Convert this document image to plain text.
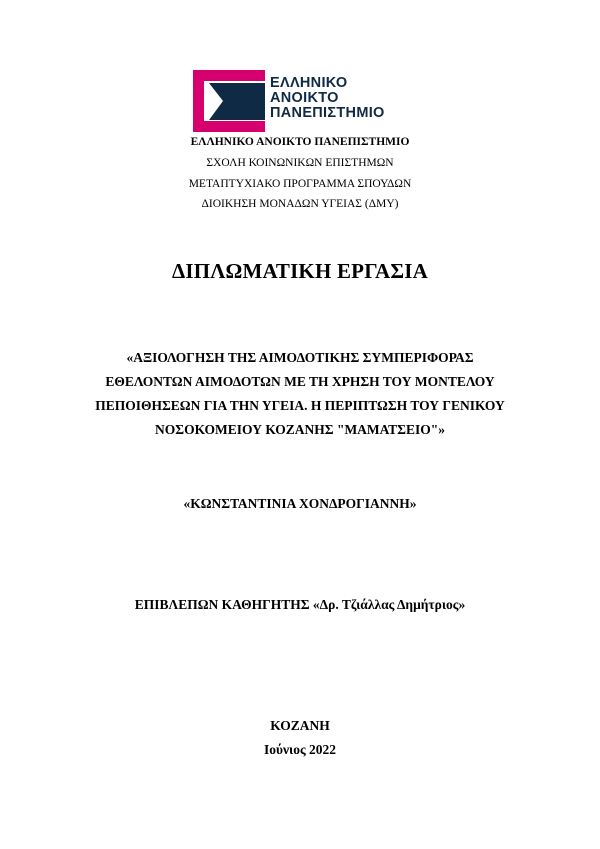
ΕΛΛΗΝΙΚΟ
ΑΝΟΙΚΤΟ
ΠΑΝΕΠΙΣΤΗΜΙΟ
ΕΛΛΗΝΙΚΟ ΑΝΟΙΚΤΟ ΠΑΝΕΠΙΣΤΗΜΙΟ
ΣΧΟΛΗ ΚΟΙΝΩΝΙΚΩΝ ΕΠΙΣΤΗΜΩΝ
ΜΕΤΑΠΤΥΧΙΑΚΟ ΠΡΟΓΡΑΜΜΑ ΣΠΟΥΔΩΝ
ΔΙΟΙΚΗΣΗ ΜΟΝΑΔΩΝ ΥΓΕΙΑΣ (ΔΜΥ)
ΔΙΠΛΩΜΑΤΙΚΗ ΕΡΓΑΣΙΑ
«ΑΞΙΟΛΟΓΗΣΗ ΤΗΣ ΑΙΜΟΔΟΤΙΚΗΣ ΣΥΜΠΕΡΙΦΟΡΑΣ
ΕΘΕΛΟΝΤΩΝ ΑΙΜΟΔΟΤΩΝ ΜΕ ΤΗ ΧΡΗΣΗ ΤΟΥ ΜΟΝΤΕΛΟΥ
ΠΕΠΟΙΘΗΣΕΩΝ ΓΙΑ ΤΗΝ ΥΓΕΙΑ. Η ΠΕΡΙΠΤΩΣΗ ΤΟΥ ΓΕΝΙΚΟΥ
ΝΟΣΟΚΟΜΕΙΟΥ ΚΟΖΑΝΗΣ "ΜΑΜΑΤΣΕΙΟ"»
«ΚΩΝΣΤΑΝΤΙΝΙΑ ΧΟΝΔΡΟΓΙΑΝΝΗ»
ΕΠΙΒΛΕΠΩΝ ΚΑΘΗΓΗΤΗΣ «Δρ. Τζιάλλας Δημήτριος»
ΚΟΖΑΝΗ
Ιούνιος 2022
